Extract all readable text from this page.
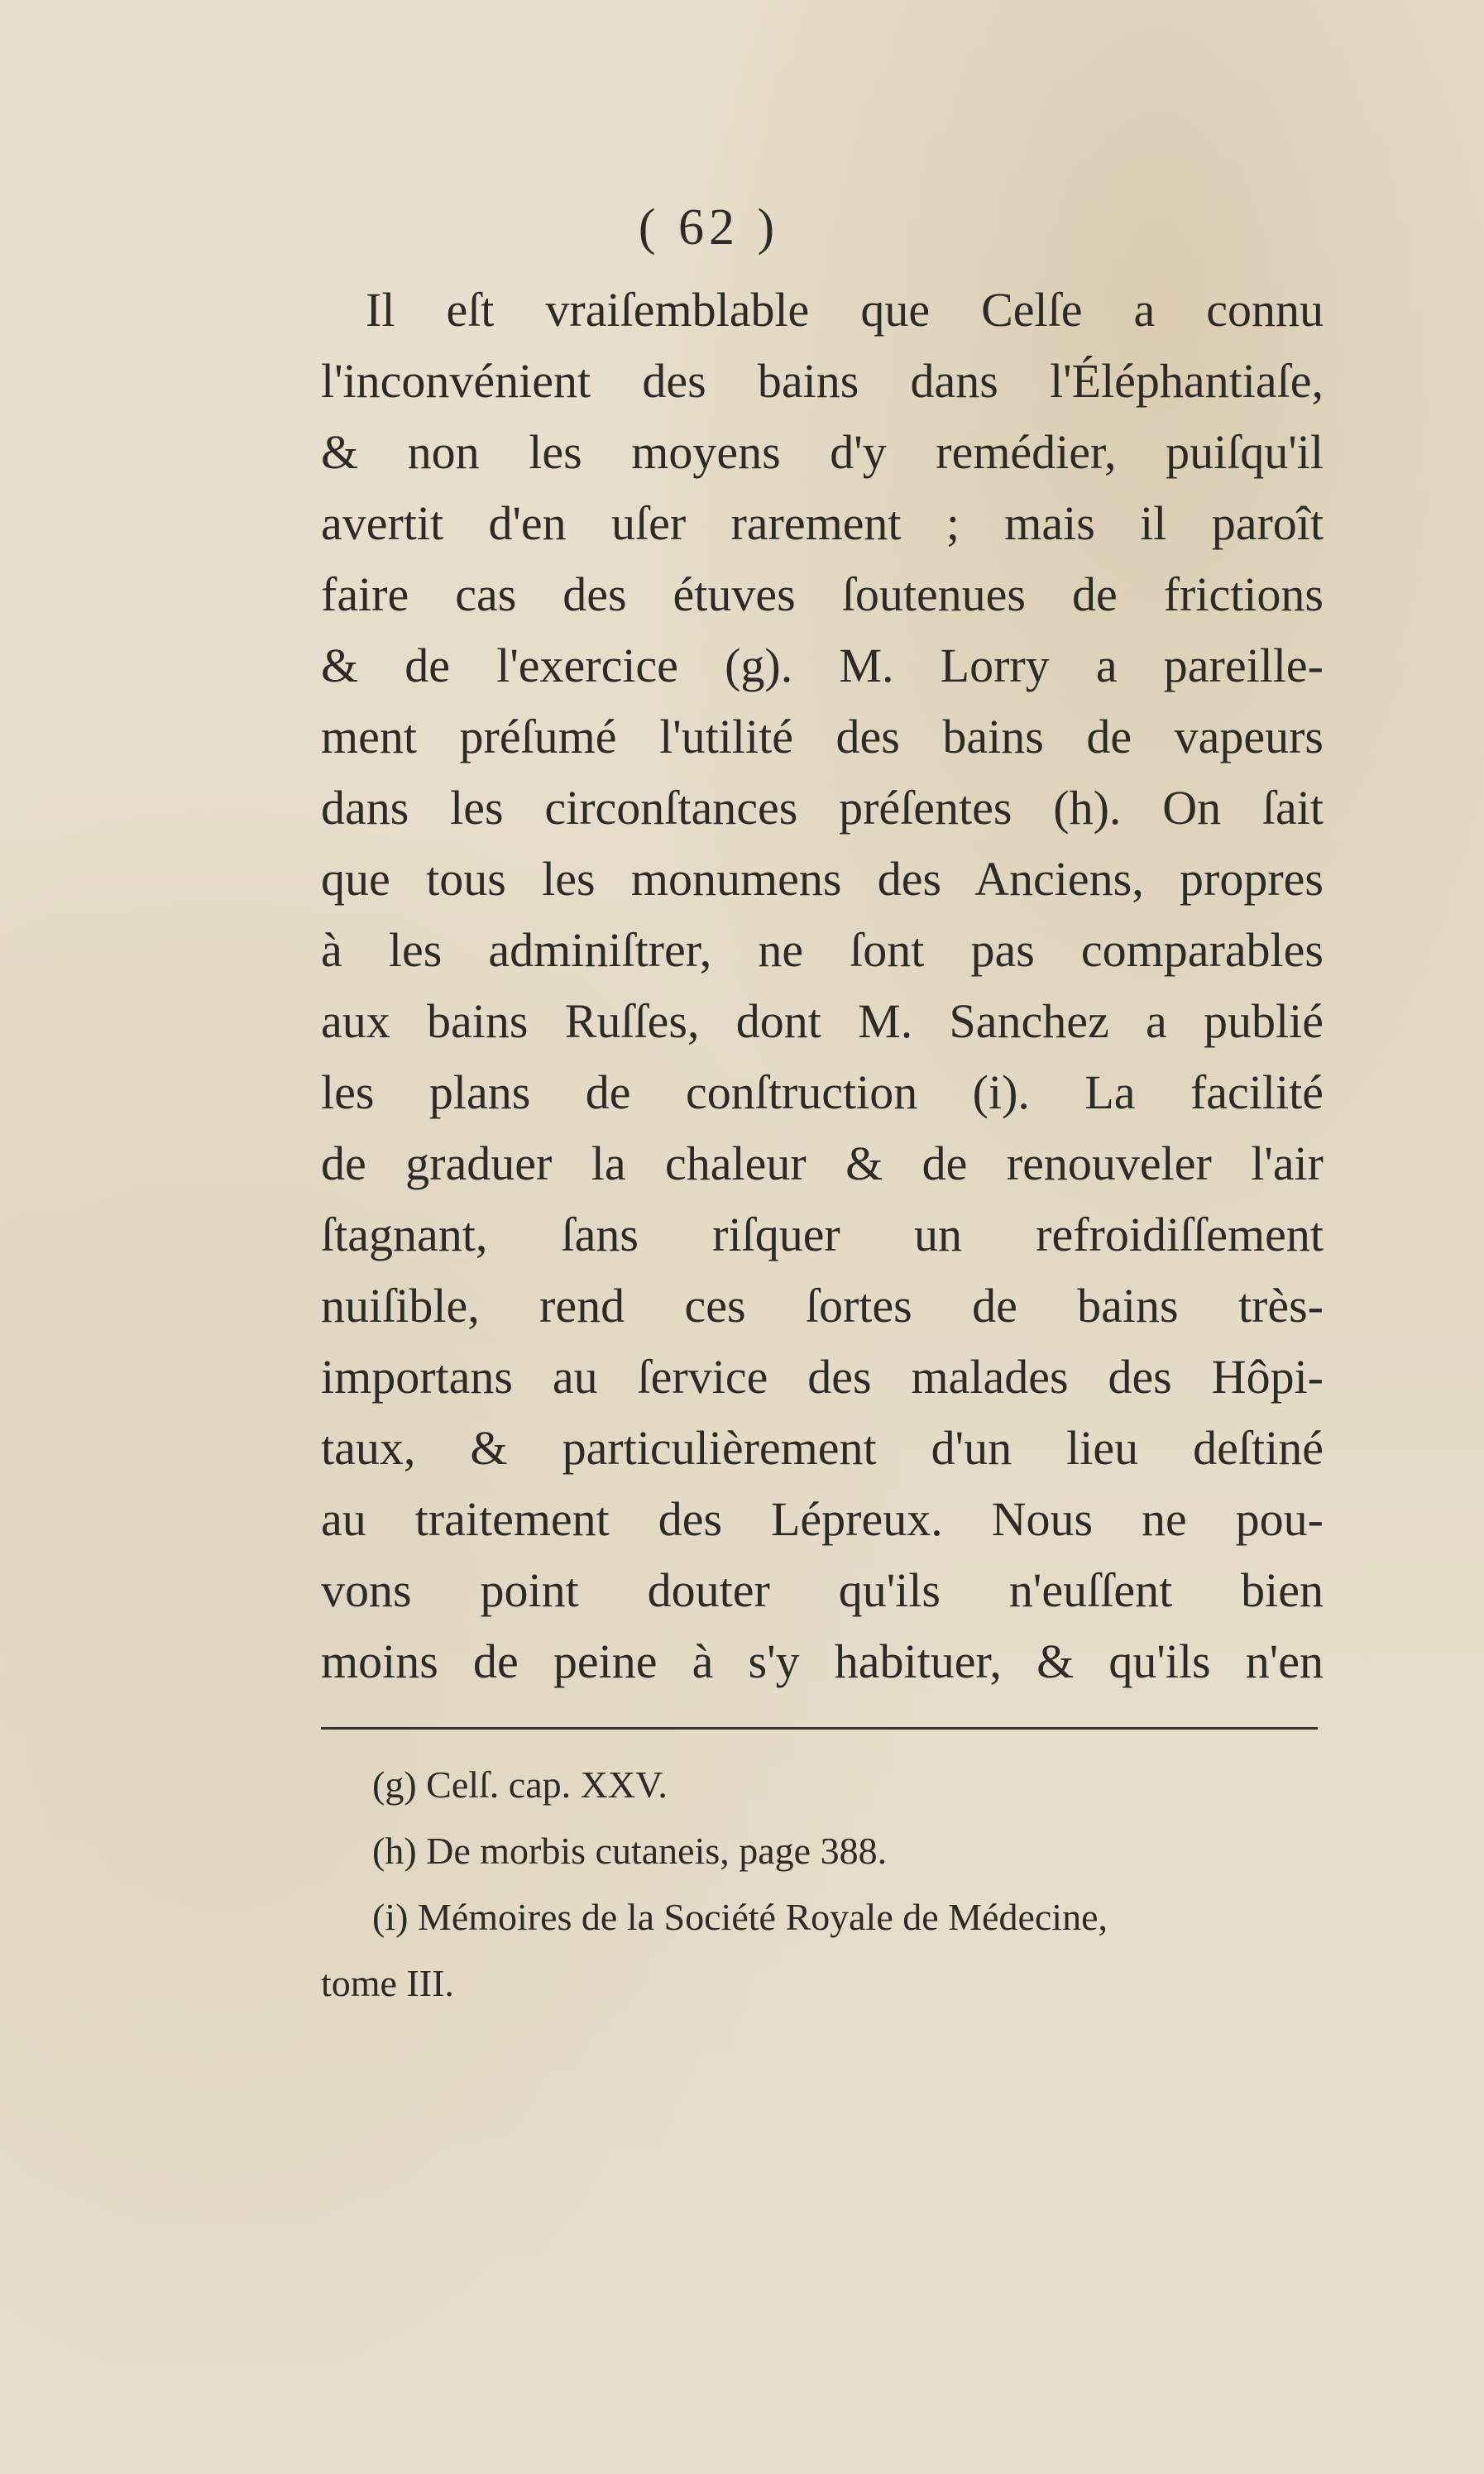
( 62 )
Il eſt vraiſemblable que Celſe a connu
l'inconvénient des bains dans l'Éléphantiaſe,
& non les moyens d'y remédier, puiſqu'il
avertit d'en uſer rarement ; mais il paroît
faire cas des étuves ſoutenues de frictions
& de l'exercice (g). M. Lorry a pareille-
ment préſumé l'utilité des bains de vapeurs
dans les circonſtances préſentes (h). On ſait
que tous les monumens des Anciens, propres
à les adminiſtrer, ne ſont pas comparables
aux bains Ruſſes, dont M. Sanchez a publié
les plans de conſtruction (i). La facilité
de graduer la chaleur & de renouveler l'air
ſtagnant, ſans riſquer un refroidiſſement
nuiſible, rend ces ſortes de bains très-
importans au ſervice des malades des Hôpi-
taux, & particulièrement d'un lieu deſtiné
au traitement des Lépreux. Nous ne pou-
vons point douter qu'ils n'euſſent bien
moins de peine à s'y habituer, & qu'ils n'en
(g) Celſ. cap. XXV.
(h) De morbis cutaneis, page 388.
(i) Mémoires de la Société Royale de Médecine,
tome III.
